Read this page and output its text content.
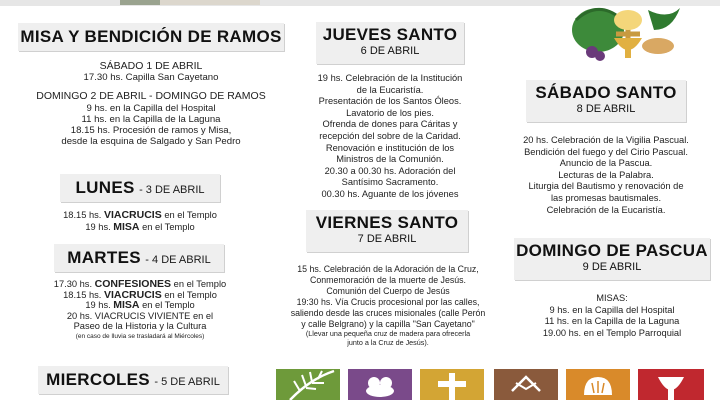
MISA Y BENDICIÓN DE RAMOS
SÁBADO 1 DE ABRIL
17.30 hs. Capilla San Cayetano
DOMINGO 2 DE ABRIL - DOMINGO DE RAMOS
9 hs. en la Capilla del Hospital
11 hs. en la Capilla de la Laguna
18.15 hs. Procesión de ramos y Misa,
desde la esquina de Salgado y San Pedro
LUNES - 3 DE ABRIL
18.15 hs. VIACRUCIS en el Templo
19 hs. MISA en el Templo
MARTES - 4 DE ABRIL
17.30 hs. CONFESIONES en el Templo
18.15 hs. VIACRUCIS en el Templo
19 hs. MISA en el Templo
20 hs. VIACRUCIS VIVIENTE en el
Paseo de la Historia y la Cultura
(en caso de lluvia se trasladará al Miércoles)
MIERCOLES - 5 DE ABRIL
JUEVES SANTO
6 DE ABRIL
19 hs. Celebración de la Institución
de la Eucaristía.
Presentación de los Santos Óleos.
Lavatorio de los pies.
Ofrenda de dones para Cáritas y
recepción del sobre de la Caridad.
Renovación e institución de los
Ministros de la Comunión.
20.30 a 00.30 hs. Adoración del
Santísimo Sacramento.
00.30 hs. Aguante de los jóvenes
VIERNES SANTO
7 DE ABRIL
15 hs. Celebración de la Adoración de la Cruz,
Conmemoración de la muerte de Jesús.
Comunión del Cuerpo de Jesús
19:30 hs. Vía Crucis procesional por las calles,
saliendo desde las cruces misionales (calle Perón
y calle Belgrano) y la capilla "San Cayetano"
(Llevar una pequeña cruz de madera para ofrecerla
junto a la Cruz de Jesús).
SÁBADO SANTO
8 DE ABRIL
20 hs. Celebración de la Vigilia Pascual.
Bendición del fuego y del Cirio Pascual.
Anuncio de la Pascua.
Lecturas de la Palabra.
Liturgia del Bautismo y renovación de
las promesas bautismales.
Celebración de la Eucaristía.
DOMINGO DE PASCUA
9 DE ABRIL
MISAS:
9 hs. en la Capilla del Hospital
11 hs. en la Capilla de la Laguna
19.00 hs. en el Templo Parroquial
